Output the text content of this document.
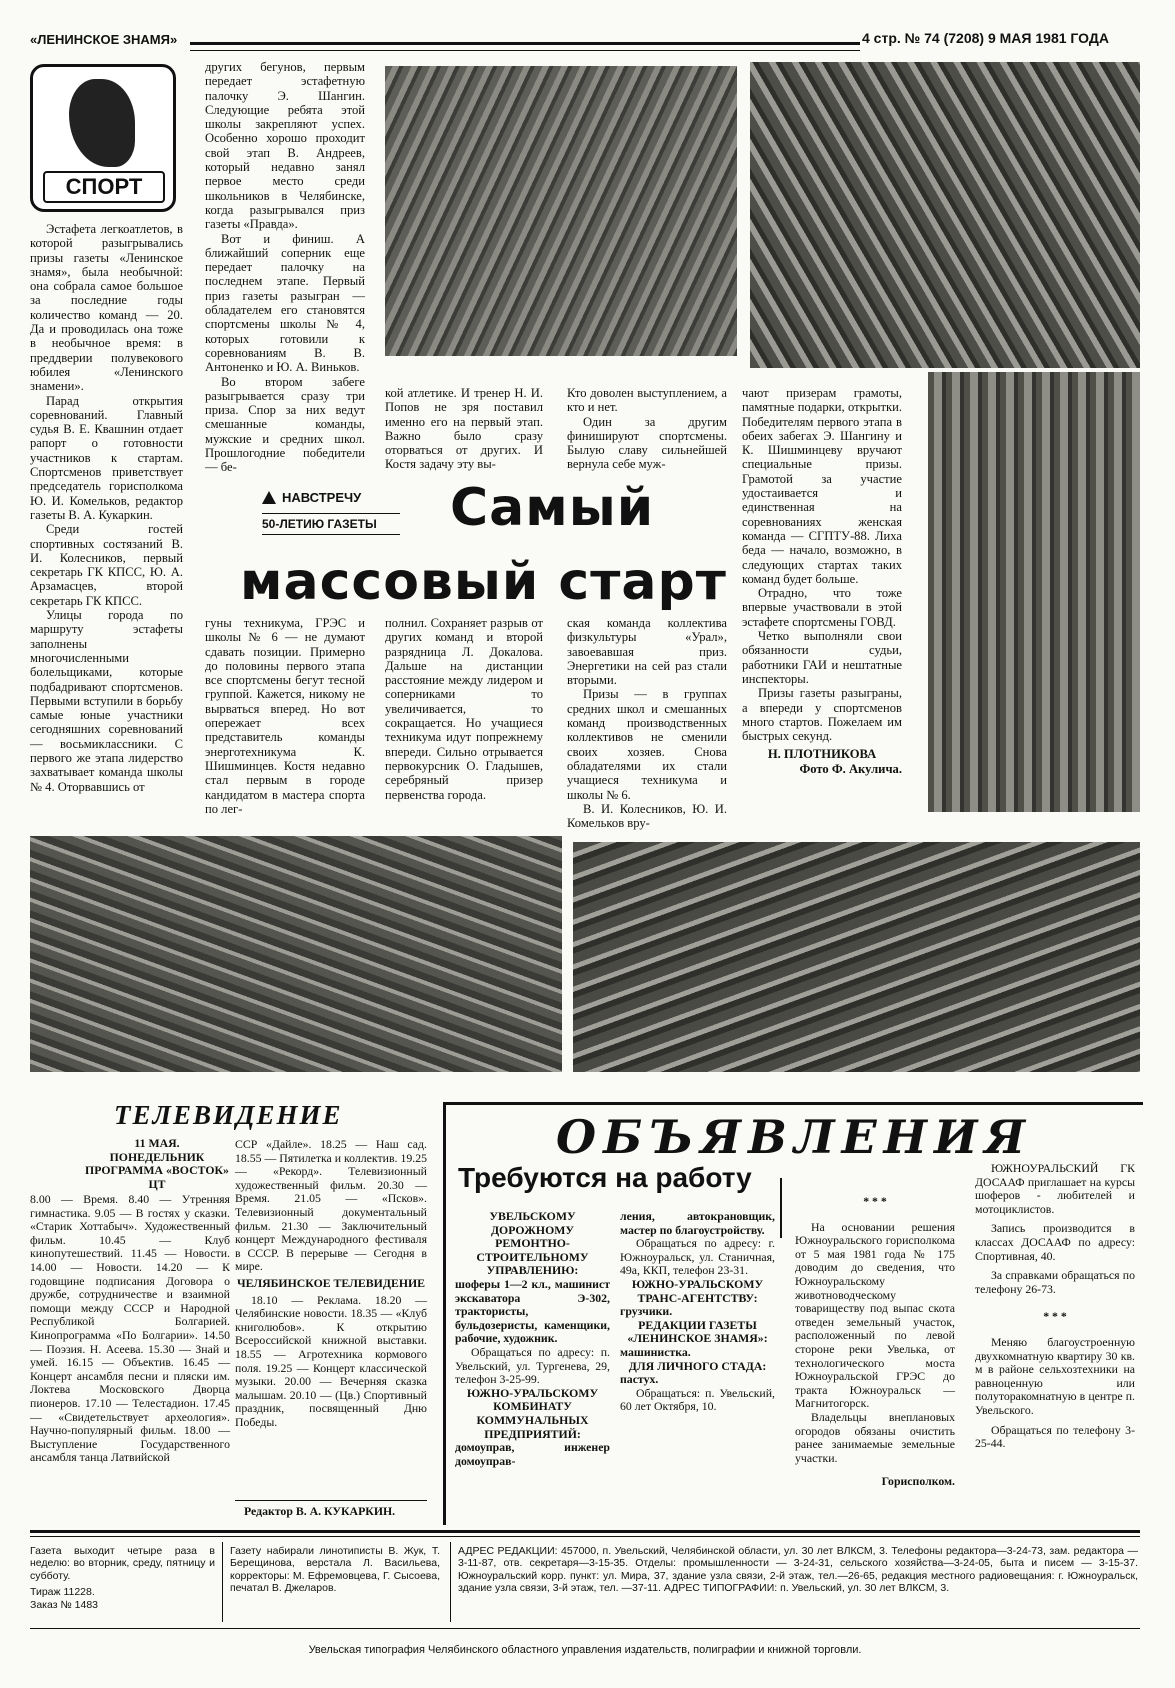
«ЛЕНИНСКОЕ ЗНАМЯ»	4 стр. № 74 (7208) 9 МАЯ 1981 ГОДА
СПОРТ

Эстафета легкоатлетов, в которой разыгрывались призы газеты «Ленинское знамя», была необычной: она собрала самое большое за последние годы количество команд — 20. Да и проводилась она тоже в необычное время: в преддверии полувекового юбилея «Ленинского знамени».

Парад открытия соревнований. Главный судья В. Е. Квашнин отдает рапорт о готовности участников к стартам. Спортсменов приветствует председатель горисполкома Ю. И. Комельков, редактор газеты В. А. Кукаркин.

Среди гостей спортивных состязаний В. И. Колесников, первый секретарь ГК КПСС, Ю. А. Арзамасцев, второй секретарь ГК КПСС.

Улицы города по маршруту эстафеты заполнены многочисленными болельщиками, которые подбадривают спортсменов. Первыми вступили в борьбу самые юные участники сегодняшних соревнований — восьмиклассники. С первого же этапа лидерство захватывает команда школы № 4. Оторвавшись от

других бегунов, первым передает эстафетную палочку Э. Шангин. Следующие ребята этой школы закрепляют успех. Особенно хорошо проходит свой этап В. Андреев, который недавно занял первое место среди школьников в Челябинске, когда разыгрывался приз газеты «Правда».

Вот и финиш. А ближайший соперник еще передает палочку на последнем этапе. Первый приз газеты разыгран — обладателем его становятся спортсмены школы № 4, которых готовили к соревнованиям В. В. Антоненко и Ю. А. Виньков.

Во втором забеге разыгрывается сразу три приза. Спор за них ведут смешанные команды, мужские и средних школ. Прошлогодние победители — бе-

кой атлетике. И тренер Н. И. Попов не зря поставил именно его на первый этап. Важно было сразу оторваться от других. И Костя задачу эту вы-

Кто доволен выступлением, а кто и нет.

Один за другим финишируют спортсмены. Былую славу сильнейшей вернула себе муж-

чают призерам грамоты, памятные подарки, открытки. Победителям первого этапа в обеих забегах Э. Шангину и К. Шишминцеву вручают специальные призы. Грамотой за участие удостаивается и единственная на соревнованиях женская команда — СГПТУ-88. Лиха беда — начало, возможно, в следующих стартах таких команд будет больше.

Отрадно, что тоже впервые участвовали в этой эстафете спортсмены ГОВД.

Четко выполняли свои обязанности судьи, работники ГАИ и нештатные инспекторы.

Призы газеты разыграны, а впереди у спортсменов много стартов. Пожелаем им быстрых секунд.

Н. ПЛОТНИКОВА
Фото Ф. Акулича.
НАВСТРЕЧУ
50-ЛЕТИЮ ГАЗЕТЫ	Самый
массовый старт

гуны техникума, ГРЭС и школы № 6 — не думают сдавать позиции. Примерно до половины первого этапа все спортсмены бегут тесной группой. Кажется, никому не вырваться вперед. Но вот опережает всех представитель команды энерготехникума К. Шишминцев. Костя недавно стал первым в городе кандидатом в мастера спорта по лег-

полнил. Сохраняет разрыв от других команд и второй разрядница Л. Докалова. Дальше на дистанции расстояние между лидером и соперниками то увеличивается, то сокращается. Но учащиеся техникума идут попрежнему впереди. Сильно отрывается первокурсник О. Гладышев, серебряный призер первенства города.

ская команда коллектива физкультуры «Урал», завоевавшая приз. Энергетики на сей раз стали вторыми.

Призы — в группах средних школ и смешанных команд производственных коллективов не сменили своих хозяев. Снова обладателями их стали учащиеся техникума и школы № 6.

В. И. Колесников, Ю. И. Комельков вру-

ТЕЛЕВИДЕНИЕ
11 МАЯ. ПОНЕДЕЛЬНИК
ПРОГРАММА «ВОСТОК» ЦТ

8.00 — Время. 8.40 — Утренняя гимнастика. 9.05 — В гостях у сказки. «Старик Хоттабыч». Художественный фильм. 10.45 — Клуб кинопутешествий. 11.45 — Новости. 14.00 — Новости. 14.20 — К годовщине подписания Договора о дружбе, сотрудничестве и взаимной помощи между СССР и Народной Республикой Болгарией. Кинопрограмма «По Болгарии». 14.50 — Поэзия. Н. Асеева. 15.30 — Знай и умей. 16.15 — Объектив. 16.45 — Концерт ансамбля песни и пляски им. Локтева Московского Дворца пионеров. 17.10 — Телестадион. 17.45 — «Свидетельствует археология». Научно-популярный фильм. 18.00 — Выступление Государственного ансамбля танца Латвийской

ССР «Дайле». 18.25 — Наш сад. 18.55 — Пятилетка и коллектив. 19.25 — «Рекорд». Телевизионный художественный фильм. 20.30 — Время. 21.05 — «Псков». Телевизионный документальный фильм. 21.30 — Заключительный концерт Международного фестиваля в СССР. В перерыве — Сегодня в мире.

ЧЕЛЯБИНСКОЕ ТЕЛЕВИДЕНИЕ

18.10 — Реклама. 18.20 — Челябинские новости. 18.35 — «Клуб книголюбов». К открытию Всероссийской книжной выставки. 18.55 — Агротехника кормового поля. 19.25 — Концерт классической музыки. 20.00 — Вечерняя сказка малышам. 20.10 — (Цв.) Спортивный праздник, посвященный Дню Победы.

Редактор В. А. КУКАРКИН.
ОБЪЯВЛЕНИЯ
Требуются на работу
УВЕЛЬСКОМУ ДОРОЖНОМУ РЕМОНТНО-СТРОИТЕЛЬНОМУ УПРАВЛЕНИЮ:
шоферы 1—2 кл., машинист экскаватора Э-302, трактористы, бульдозеристы, каменщики, рабочие, художник.

Обращаться по адресу: п. Увельский, ул. Тургенева, 29, телефон 3-25-99.

ЮЖНО-УРАЛЬСКОМУ КОМБИНАТУ КОММУНАЛЬНЫХ ПРЕДПРИЯТИЙ:
домоуправ, инженер домоуправ-
ления, автокрановщик, мастер по благоустройству.

Обращаться по адресу: г. Южноуральск, ул. Станичная, 49а, ККП, телефон 23-31.

ЮЖНО-УРАЛЬСКОМУ ТРАНС-АГЕНТСТВУ:
грузчики.
РЕДАКЦИИ ГАЗЕТЫ «ЛЕНИНСКОЕ ЗНАМЯ»:
машинистка.
ДЛЯ ЛИЧНОГО СТАДА:
пастух.

Обращаться: п. Увельский, 60 лет Октября, 10.

* * *

На основании решения Южноуральского горисполкома от 5 мая 1981 года № 175 доводим до сведения, что Южноуральскому животноводческому товариществу под выпас скота отведен земельный участок, расположенный по левой стороне реки Увелька, от технологического моста Южноуральской ГРЭС до тракта Южноуральск — Магнитогорск.

Владельцы внеплановых огородов обязаны очистить ранее занимаемые земельные участки.

Горисполком.

ЮЖНОУРАЛЬСКИЙ ГК ДОСААФ приглашает на курсы шоферов - любителей и мотоциклистов.

Запись производится в классах ДОСААФ по адресу: Спортивная, 40.

За справками обращаться по телефону 26-73.

* * *

Меняю благоустроенную двухкомнатную квартиру 30 кв. м в районе сельхозтехники на равноценную или полуторакомнатную в центре п. Увельского.

Обращаться по телефону 3-25-44.

Газета выходит четыре раза в неделю: во вторник, среду, пятницу и субботу.
Тираж 11228.
Заказ № 1483
Газету набирали линотиписты В. Жук, Т. Берещинова, верстала Л. Васильева, корректоры: М. Ефремовцева, Г. Сысоева, печатал В. Джеларов.
АДРЕС РЕДАКЦИИ: 457000, п. Увельский, Челябинской области, ул. 30 лет ВЛКСМ, 3. Телефоны редактора—3-24-73, зам. редактора — 3-11-87, отв. секретаря—3-15-35. Отделы: промышленности — 3-24-31, сельского хозяйства—3-24-05, быта и писем — 3-15-37. Южноуральский корр. пункт: ул. Мира, 37, здание узла связи, 2-й этаж, тел.—26-65, редакция местного радиовещания: г. Южноуральск, здание узла связи, 3-й этаж, тел. —37-11. АДРЕС ТИПОГРАФИИ: п. Увельский, ул. 30 лет ВЛКСМ, 3.
Увельская типография Челябинского областного управления издательств, полиграфии и книжной торговли.
